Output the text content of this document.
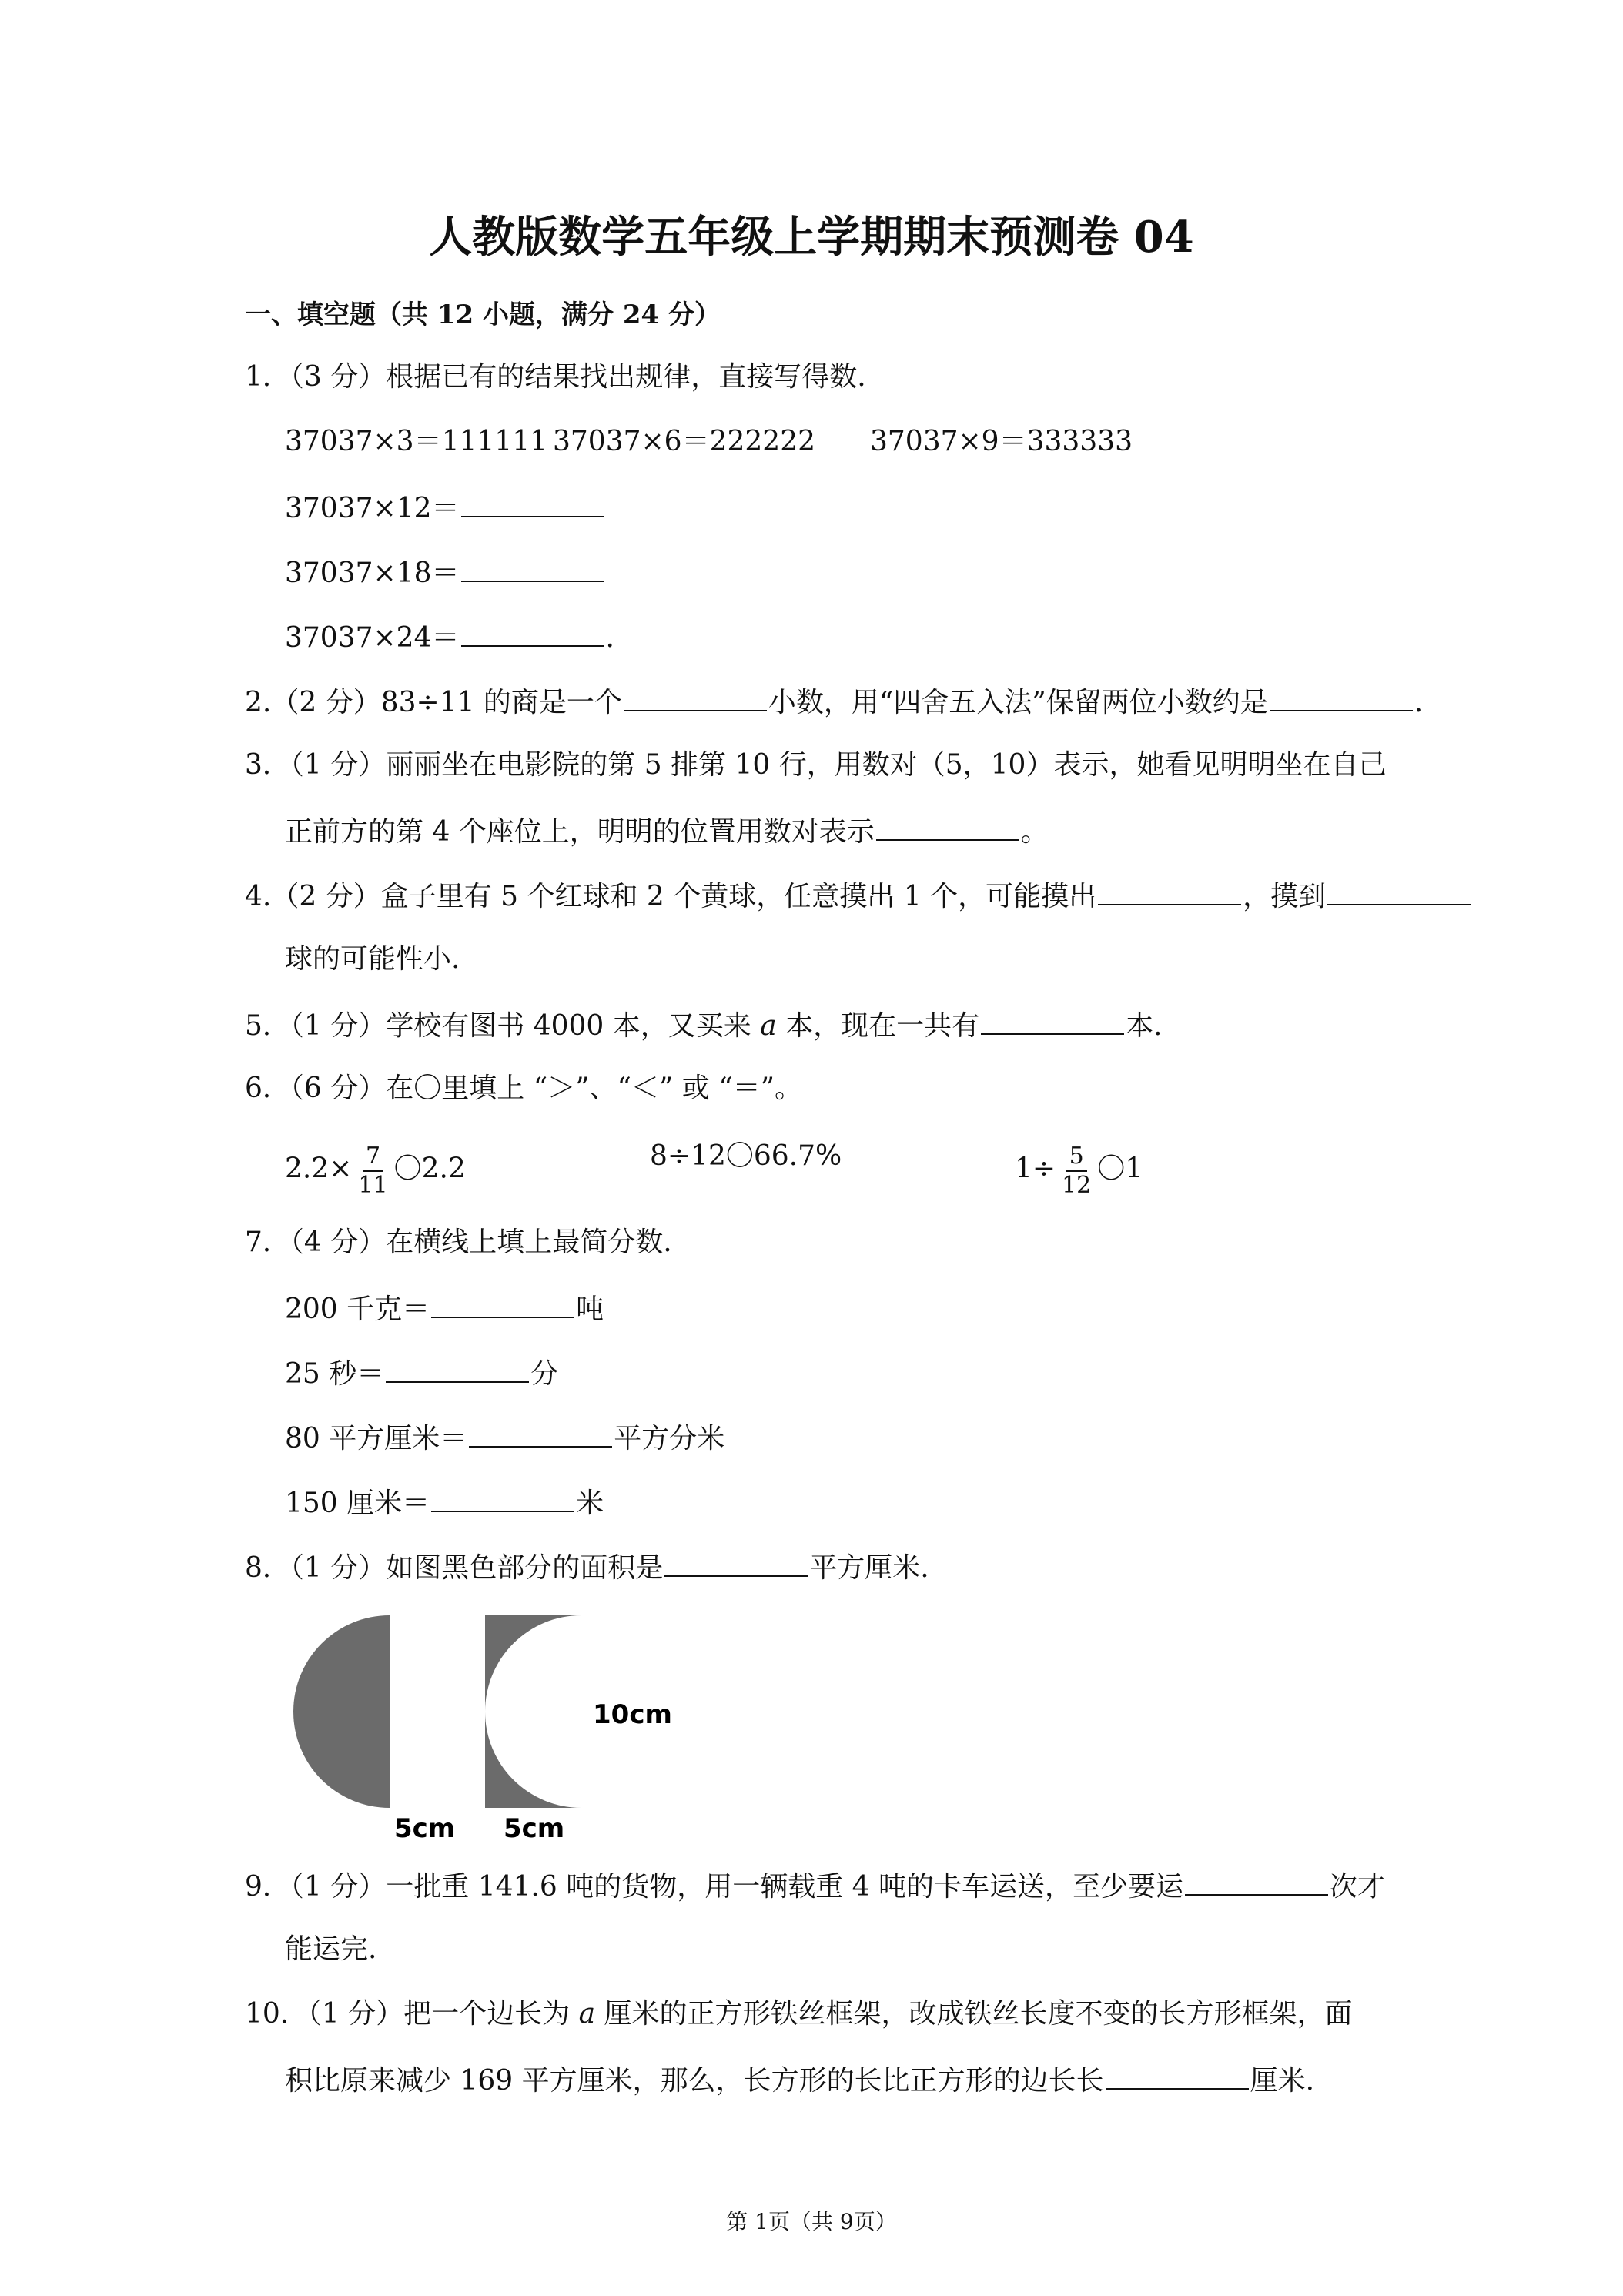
人教版数学五年级上学期期末预测卷 04
一、填空题（共 12 小题，满分 24 分）
1．（3 分）根据已有的结果找出规律，直接写得数.
37037×3＝111111 37037×6＝222222 37037×9＝333333
37037×12＝
37037×18＝
37037×24＝	.
2.（2 分）83÷11 的商是一个	小数，用“四舍五入法”保留两位小数约是	.
3．（1 分）丽丽坐在电影院的第 5 排第 10 行，用数对（5，10）表示，她看见明明坐在自己
正前方的第 4 个座位上，明明的位置用数对表示	。
4.（2 分）盒子里有 5 个红球和 2 个黄球，任意摸出 1 个，可能摸出	，摸到
球的可能性小.
5．（1 分）学校有图书 4000 本，又买来 a 本，现在一共有	本.
6．（6 分）在〇里填上 “＞”、“＜” 或 “＝”。
$2.2\times \frac{7}{11}$ 〇2.2	8÷12〇66.7%	$1\div \frac{5}{12}$ 〇1
7．（4 分）在横线上填上最简分数.
200 千克＝	吨
25 秒＝	分
80 平方厘米＝	平方分米
150 厘米＝	米
8．（1 分）如图黑色部分的面积是	平方厘米.
10cm
5cm 5cm
9．（1 分）一批重 141.6 吨的货物，用一辆载重 4 吨的卡车运送，至少要运	次才
能运完.
10．（1 分）把一个边长为 a 厘米的正方形铁丝框架，改成铁丝长度不变的长方形框架，面
积比原来减少 169 平方厘米，那么，长方形的长比正方形的边长长	厘米.
第 1页（共 9页）
